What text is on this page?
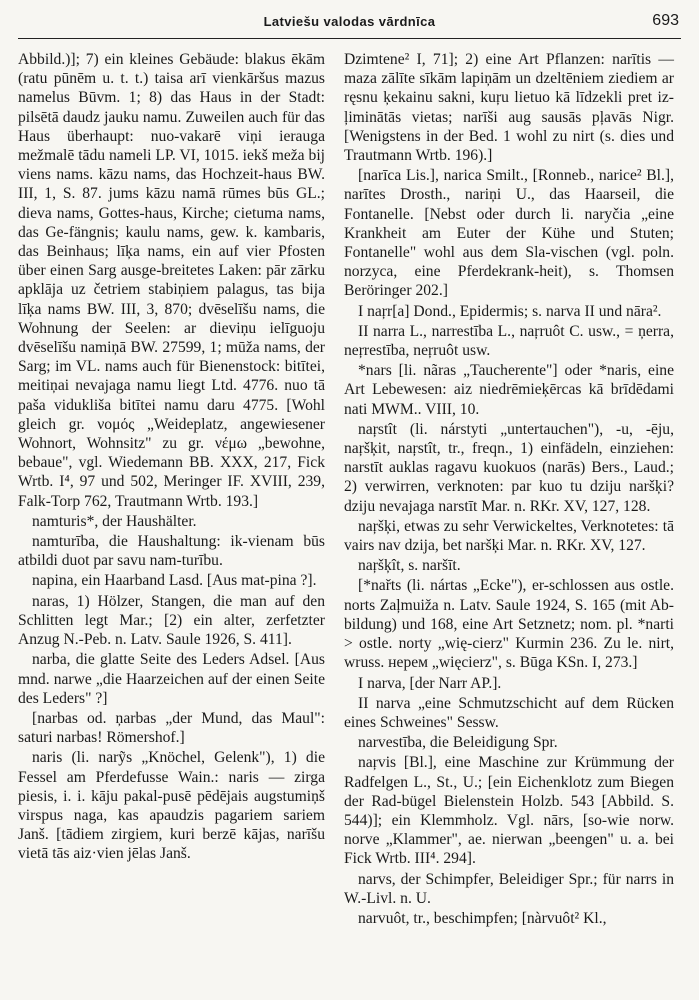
Latviešu valodas vārdnīca	693

Abbild.)]; 7) ein kleines Gebäude: blakus ēkām (ratu pūnēm u. t. t.) taisa arī vienkāršus mazus namelus Būvm. 1; 8) das Haus in der Stadt: pilsētā daudz jauku namu. Zuweilen auch für das Haus überhaupt: nuo-vakarē viņi ierauga mežmalē tādu nameli LP. VI, 1015. iekš meža bij viens nams. kāzu nams, das Hochzeit-haus BW. III, 1, S. 87. jums kāzu namā rūmes būs GL.; dieva nams, Gottes-haus, Kirche; cietuma nams, das Ge-fängnis; kaulu nams, gew. k. kambaris, das Beinhaus; līķa nams, ein auf vier Pfosten über einen Sarg ausge-breitetes Laken: pār zārku apklāja uz četriem stabiņiem palagus, tas bija līķa nams BW. III, 3, 870; dvēselīšu nams, die Wohnung der Seelen: ar dieviņu ielīguoju dvēselīšu namiņā BW. 27599, 1; mūža nams, der Sarg; im VL. nams auch für Bienenstock: bitītei, meitiņai nevajaga namu liegt Ltd. 4776. nuo tā paša vidukliša bitītei namu daru 4775. [Wohl gleich gr. νομός „Weideplatz, angewiesener Wohnort, Wohnsitz" zu gr. νέμω „bewohne, bebaue", vgl. Wiedemann BB. XXX, 217, Fick Wrtb. I⁴, 97 und 502, Meringer IF. XVIII, 239, Falk-Torp 762, Trautmann Wrtb. 193.]

namturis*, der Haushälter.

namturība, die Haushaltung: ik-vienam būs atbildi duot par savu nam-turību.

napina, ein Haarband Lasd. [Aus mat-pina ?].

naras, 1) Hölzer, Stangen, die man auf den Schlitten legt Mar.; [2) ein alter, zerfetzter Anzug N.-Peb. n. Latv. Saule 1926, S. 411].

narba, die glatte Seite des Leders Adsel. [Aus mnd. narwe „die Haarzeichen auf der einen Seite des Leders" ?]

[narbas od. ņarbas „der Mund, das Maul": saturi narbas! Römershof.]

naris (li. narỹs „Knöchel, Gelenk"), 1) die Fessel am Pferdefusse Wain.: naris — zirga piesis, i. i. kāju pakal-pusē pēdējais augstumiņš virspus naga, kas apaudzis pagariem sariem Janš. [tādiem zirgiem, kuri berzē kājas, narīšu vietā tās aiz·vien jēlas Janš.

Dzimtene² I, 71]; 2) eine Art Pflanzen: narītis — maza zālīte sīkām lapiņām un dzeltēniem ziediem ar ręsnu ķekainu sakni, kuŗu lietuo kā līdzekli pret iz-ļiminātās vietas; narīši aug sausās pļavās Nigr. [Wenigstens in der Bed. 1 wohl zu nirt (s. dies und Trautmann Wrtb. 196).]

[narīca Lis.], narica Smilt., [Ronneb., narice² Bl.], narītes Drosth., nariņi U., das Haarseil, die Fontanelle. [Nebst oder durch li. naryčia „eine Krankheit am Euter der Kühe und Stuten; Fontanelle" wohl aus dem Sla-vischen (vgl. poln. norzyca, eine Pferdekrank-heit), s. Thomsen Beröringer 202.]

I naŗr[a] Dond., Epidermis; s. narva II und nāra².

II narra L., narrestība L., naŗruôt C. usw., = ņerra, neŗrestība, neŗruôt usw.

*nars [li. nãras „Taucherente"] oder *naris, eine Art Lebewesen: aiz niedrēmieķērcas kā brīdēdami nati MWM.. VIII, 10.

naŗstît (li. nárstyti „untertauchen"), -u, -ēju, naŗšķit, naŗstît, tr., freqn., 1) einfädeln, einziehen: narstīt auklas ragavu kuokuos (narās) Bers., Laud.; 2) verwirren, verknoten: par kuo tu dziju naršķi? dziju nevajaga narstīt Mar. n. RKr. XV, 127, 128.

naŗšķi, etwas zu sehr Verwickeltes, Verknotetes: tā vairs nav dzija, bet naršķi Mar. n. RKr. XV, 127.

naŗšķît, s. naršīt.

[*nařts (li. nártas „Ecke"), er-schlossen aus ostle. norts Zaļmuiža n. Latv. Saule 1924, S. 165 (mit Ab-bildung) und 168, eine Art Setznetz; nom. pl. *narti > ostle. norty „wię-cierz" Kurmin 236. Zu le. nirt, wruss. нерем „więcierz", s. Būga KSn. I, 273.]

I narva, [der Narr AP.].

II narva „eine Schmutzschicht auf dem Rücken eines Schweines" Sessw.

narvestība, die Beleidigung Spr.

naŗvis [Bl.], eine Maschine zur Krümmung der Radfelgen L., St., U.; [ein Eichenklotz zum Biegen der Rad-bügel Bielenstein Holzb. 543 [Abbild. S. 544)]; ein Klemmholz. Vgl. nārs, [so-wie norw. norve „Klammer", ae. nierwan „beengen" u. a. bei Fick Wrtb. III⁴. 294].

narvs, der Schimpfer, Beleidiger Spr.; für narrs in W.-Livl. n. U.

narvuôt, tr., beschimpfen; [nàrvuôt² Kl.,
